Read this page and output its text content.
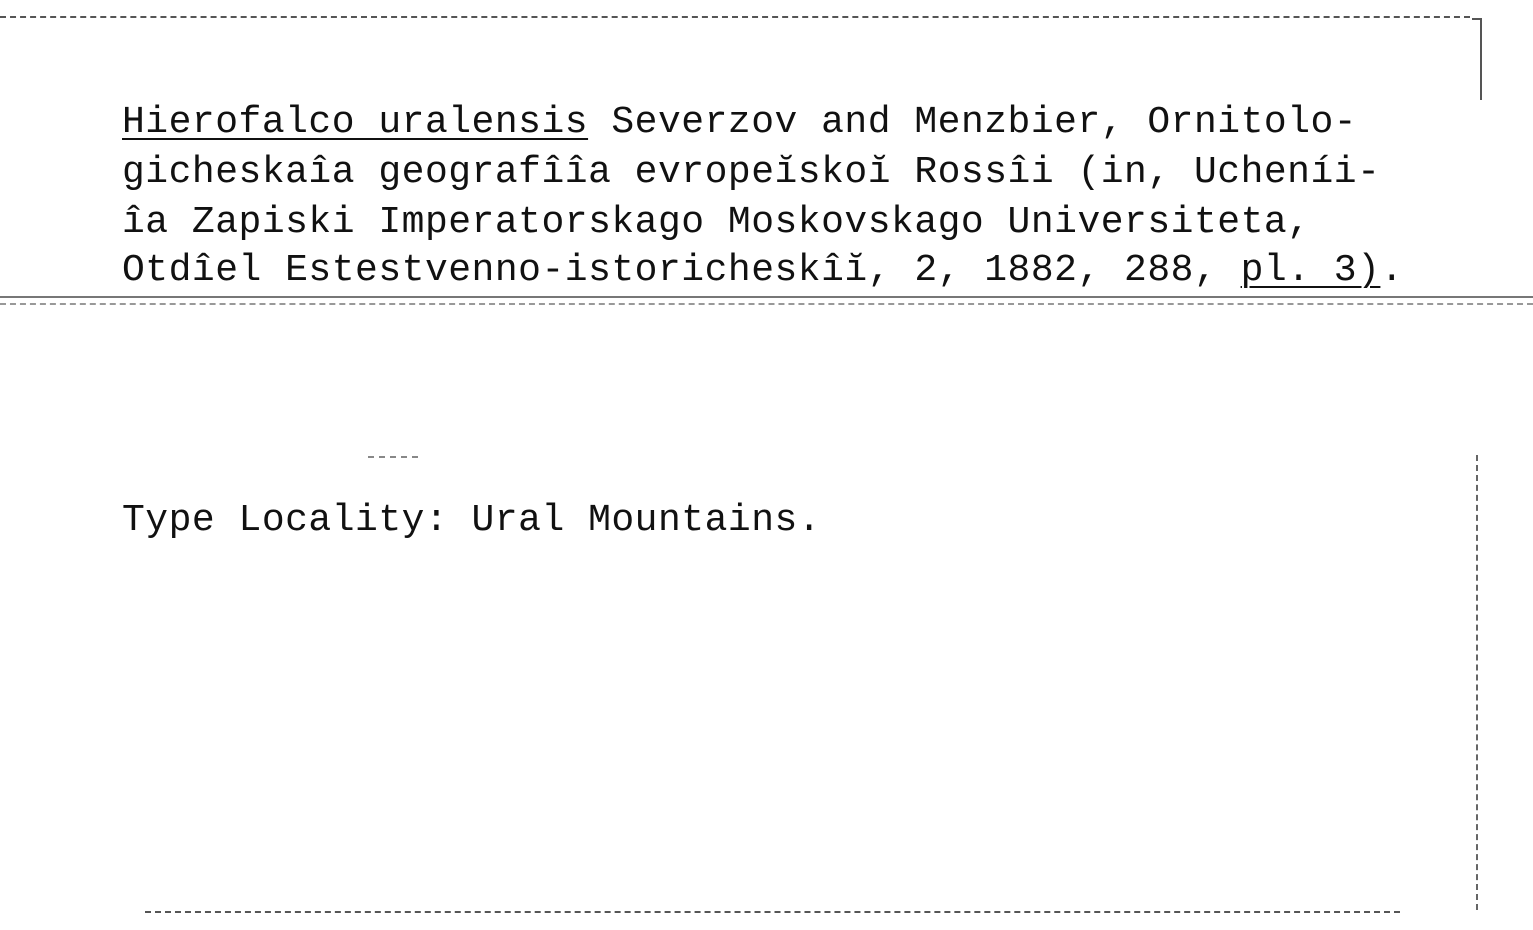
Hierofalco uralensis Severzov and Menzbier, Ornitolo-

gicheskaîa geografîîa evropeĭskoĭ Rossîi (in, Ucheníi-

îa Zapiski Imperatorskago Moskovskago Universiteta,

Otdîel Estestvenno-istoricheskîĭ, 2, 1882, 288, pl. 3).

Type Locality: Ural Mountains.
